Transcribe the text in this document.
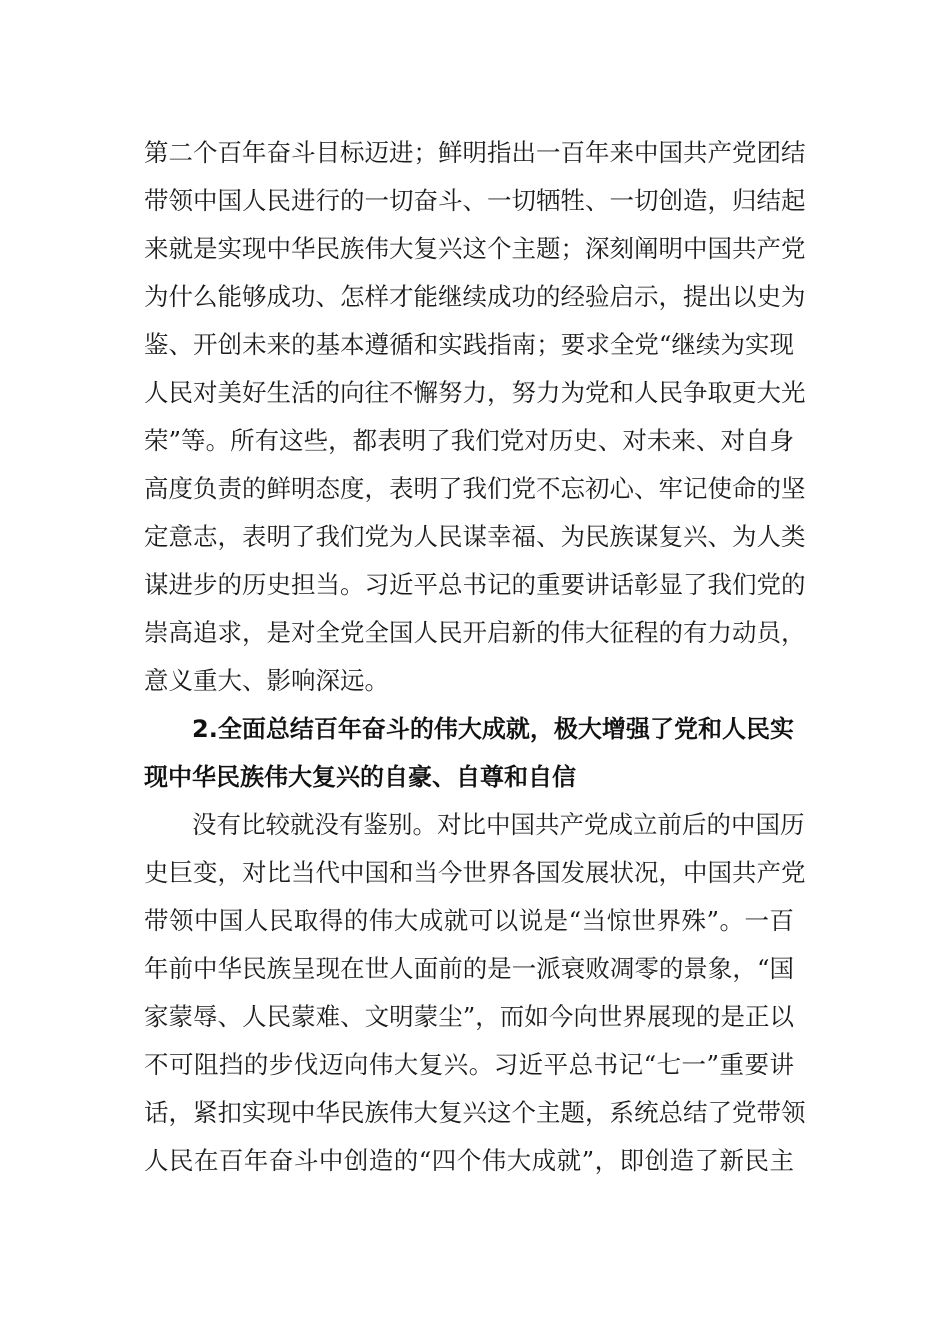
第二个百年奋斗目标迈进；鲜明指出一百年来中国共产党团结
带领中国人民进行的一切奋斗、一切牺牲、一切创造，归结起
来就是实现中华民族伟大复兴这个主题；深刻阐明中国共产党
为什么能够成功、怎样才能继续成功的经验启示，提出以史为
鉴、开创未来的基本遵循和实践指南；要求全党“继续为实现
人民对美好生活的向往不懈努力，努力为党和人民争取更大光
荣”等。所有这些，都表明了我们党对历史、对未来、对自身
高度负责的鲜明态度，表明了我们党不忘初心、牢记使命的坚
定意志，表明了我们党为人民谋幸福、为民族谋复兴、为人类
谋进步的历史担当。习近平总书记的重要讲话彰显了我们党的
崇高追求，是对全党全国人民开启新的伟大征程的有力动员，
意义重大、影响深远。
2.全面总结百年奋斗的伟大成就，极大增强了党和人民实
现中华民族伟大复兴的自豪、自尊和自信
没有比较就没有鉴别。对比中国共产党成立前后的中国历
史巨变，对比当代中国和当今世界各国发展状况，中国共产党
带领中国人民取得的伟大成就可以说是“当惊世界殊”。一百
年前中华民族呈现在世人面前的是一派衰败凋零的景象，“国
家蒙辱、人民蒙难、文明蒙尘”，而如今向世界展现的是正以
不可阻挡的步伐迈向伟大复兴。习近平总书记“七一”重要讲
话，紧扣实现中华民族伟大复兴这个主题，系统总结了党带领
人民在百年奋斗中创造的“四个伟大成就”，即创造了新民主
